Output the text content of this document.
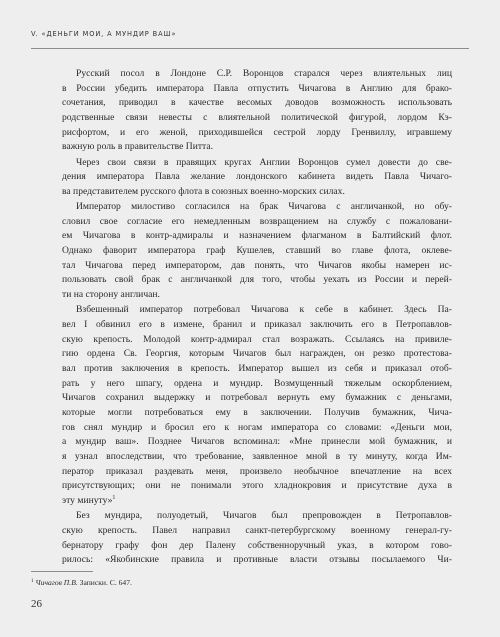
V. «ДЕНЬГИ МОИ, А МУНДИР ВАШ»
Русский посол в Лондоне С.Р. Воронцов старался через влиятельных лиц
в России убедить императора Павла отпустить Чичагова в Англию для брако-
сочетания, приводил в качестве весомых доводов возможность использовать
родственные связи невесты с влиятельной политической фигурой, лордом Кэ-
рисфортом, и его женой, приходившейся сестрой лорду Гренвиллу, игравшему
важную роль в правительстве Питта.
Через свои связи в правящих кругах Англии Воронцов сумел довести до све-
дения императора Павла желание лондонского кабинета видеть Павла Чичаго-
ва представителем русского флота в союзных военно-морских силах.
Император милостиво согласился на брак Чичагова с англичанкой, но обу-
словил свое согласие его немедленным возвращением на службу с пожаловани-
ем Чичагова в контр-адмиралы и назначением флагманом в Балтийский флот.
Однако фаворит императора граф Кушелев, ставший во главе флота, оклеве-
тал Чичагова перед императором, дав понять, что Чичагов якобы намерен ис-
пользовать свой брак с англичанкой для того, чтобы уехать из России и перей-
ти на сторону англичан.
Взбешенный император потребовал Чичагова к себе в кабинет. Здесь Па-
вел I обвинил его в измене, бранил и приказал заключить его в Петропавлов-
скую крепость. Молодой контр-адмирал стал возражать. Ссылаясь на привиле-
гию ордена Св. Георгия, которым Чичагов был награжден, он резко протестова-
вал против заключения в крепость. Император вышел из себя и приказал отоб-
рать у него шпагу, ордена и мундир. Возмущенный тяжелым оскорблением,
Чичагов сохранил выдержку и потребовал вернуть ему бумажник с деньгами,
которые могли потребоваться ему в заключении. Получив бумажник, Чича-
гов снял мундир и бросил его к ногам императора со словами: «Деньги мои,
а мундир ваш». Позднее Чичагов вспоминал: «Мне принесли мой бумажник, и
я узнал впоследствии, что требование, заявленное мной в ту минуту, когда Им-
ператор приказал раздевать меня, произвело необычное впечатление на всех
присутствующих; они не понимали этого хладнокровия и присутствие духа в
эту минуту»$^1$
Без мундира, полуодетый, Чичагов был препровожден в Петропавлов-
скую крепость. Павел направил санкт-петербургскому военному генерал-гу-
бернатору графу фон дер Палену собственноручный указ, в котором гово-
рилось: «Якобинские правила и противные власти отзывы посылаемого Чи-
$^1$ Чичагов П.В. Записки. С. 647.
26
